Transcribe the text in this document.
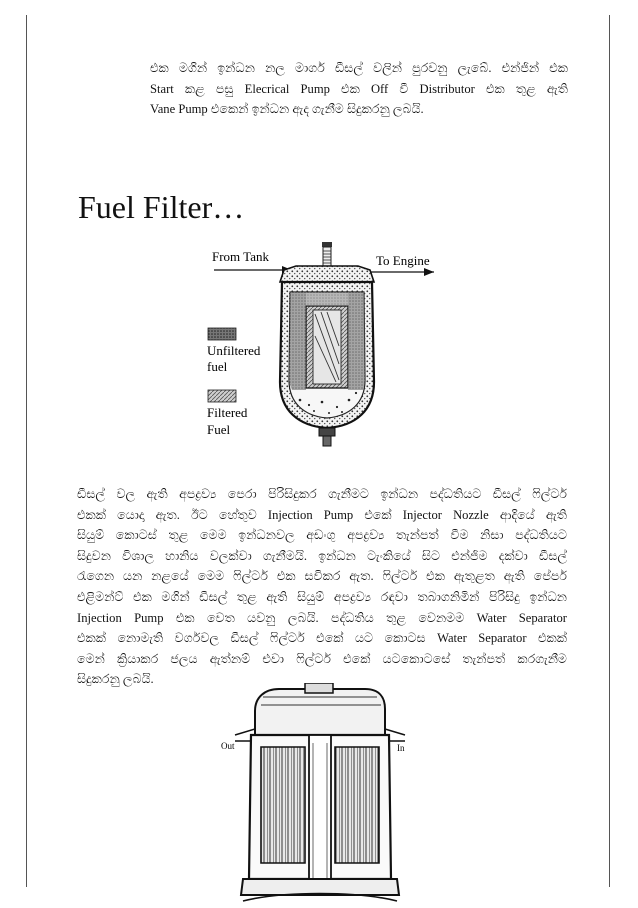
එක මගින් ඉන්ධන නල මාර්ග ඩීසල් වලින් පුරවනු ලැබේ. එන්ජින් එක
Start කළ පසු Elecrical Pump එක Off වී Distributor එක තුළ ඇති
Vane Pump එකෙන් ඉන්ධන ඇද ගැනීම සිදුකරනු ලබයි.

Fuel Filter…
From Tank	To Engine
Unfiltered
fuel
Filtered
Fuel

ඩීසල් වල ඇති අපද්‍රව්‍ය පෙරා පිරිසිදුකර ගැනීමට ඉන්ධන පද්ධතියට ඩීසල් ෆිල්ටර්
එකක් යොදා ඇත. ඊට හේතුව Injection Pump එකේ Injector Nozzle ආදියේ ඇති
සියුම් කොටස් තුළ මෙම ඉන්ධනවල අඩංගු අපද්‍රව්‍ය තැන්පත් වීම නිසා පද්ධතියට
සිදුවන විශාල හානිය වලක්වා ගැනීමයි. ඉන්ධන ටැංකියේ සිට එන්ජිම දක්වා ඩීසල්
රැගෙන යන නළයේ මෙම ෆිල්ටර් එක සවිකර ඇත. ෆිල්ටර් එක ඇතුළත ඇති පේපර්
එළිමන්ට් එක මගින් ඩීසල් තුළ ඇති සියුම් අපද්‍රව්‍ය රඳවා තබාගනිමින් පිරිසිදු ඉන්ධන
Injection Pump එක වෙත යවනු ලබයි. පද්ධතිය තුළ වෙනමම Water Separator
එකක් නොමැති වර්ගවල ඩීසල් ෆිල්ටර් එකේ යට කොටස Water Separator එකක්
මෙන් ක්‍රියාකර ජලය ඇත්නම් එවා ෆිල්ටර් එකේ යටකොටසේ තැන්පත් කරගැනීම
සිදුකරනු ලබයි.

Out	In
